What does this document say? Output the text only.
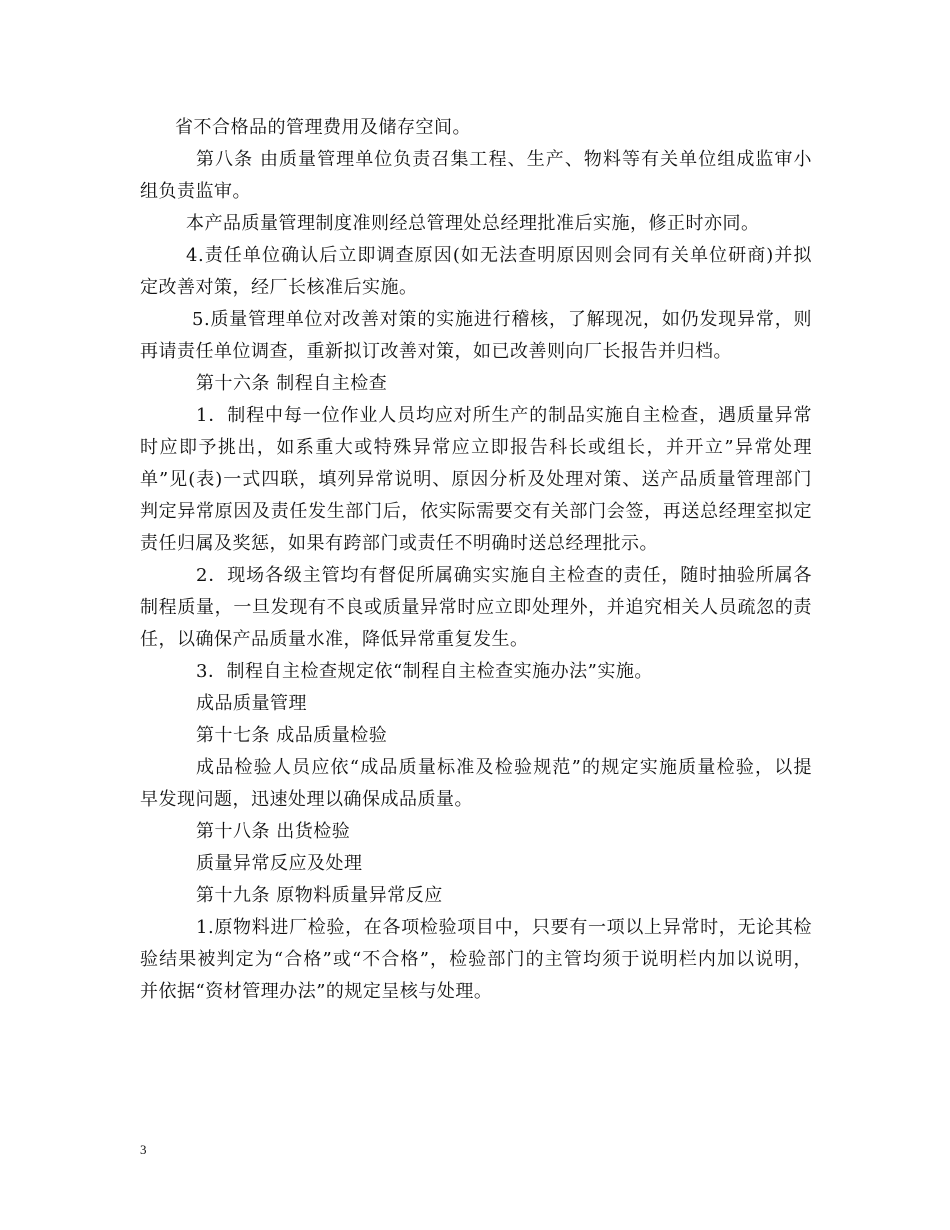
省不合格品的管理费用及储存空间。
第八条 由质量管理单位负责召集工程、生产、物料等有关单位组成监审小
组负责监审。
本产品质量管理制度准则经总管理处总经理批准后实施，修正时亦同。
4.责任单位确认后立即调查原因(如无法查明原因则会同有关单位研商)并拟
定改善对策，经厂长核准后实施。
5.质量管理单位对改善对策的实施进行稽核，了解现况，如仍发现异常，则
再请责任单位调查，重新拟订改善对策，如已改善则向厂长报告并归档。
第十六条 制程自主检查
1．制程中每一位作业人员均应对所生产的制品实施自主检查，遇质量异常
时应即予挑出，如系重大或特殊异常应立即报告科长或组长，并开立”异常处理
单”见(表)一式四联，填列异常说明、原因分析及处理对策、送产品质量管理部门
判定异常原因及责任发生部门后，依实际需要交有关部门会签，再送总经理室拟定
责任归属及奖惩，如果有跨部门或责任不明确时送总经理批示。
2．现场各级主管均有督促所属确实实施自主检查的责任，随时抽验所属各
制程质量，一旦发现有不良或质量异常时应立即处理外，并追究相关人员疏忽的责
任，以确保产品质量水准，降低异常重复发生。
3．制程自主检查规定依“制程自主检查实施办法”实施。
成品质量管理
第十七条 成品质量检验
成品检验人员应依“成品质量标准及检验规范”的规定实施质量检验，以提
早发现问题，迅速处理以确保成品质量。
第十八条 出货检验
质量异常反应及处理
第十九条 原物料质量异常反应
1.原物料进厂检验，在各项检验项目中，只要有一项以上异常时，无论其检
验结果被判定为“合格”或“不合格”，检验部门的主管均须于说明栏内加以说明，
并依据“资材管理办法”的规定呈核与处理。
3
